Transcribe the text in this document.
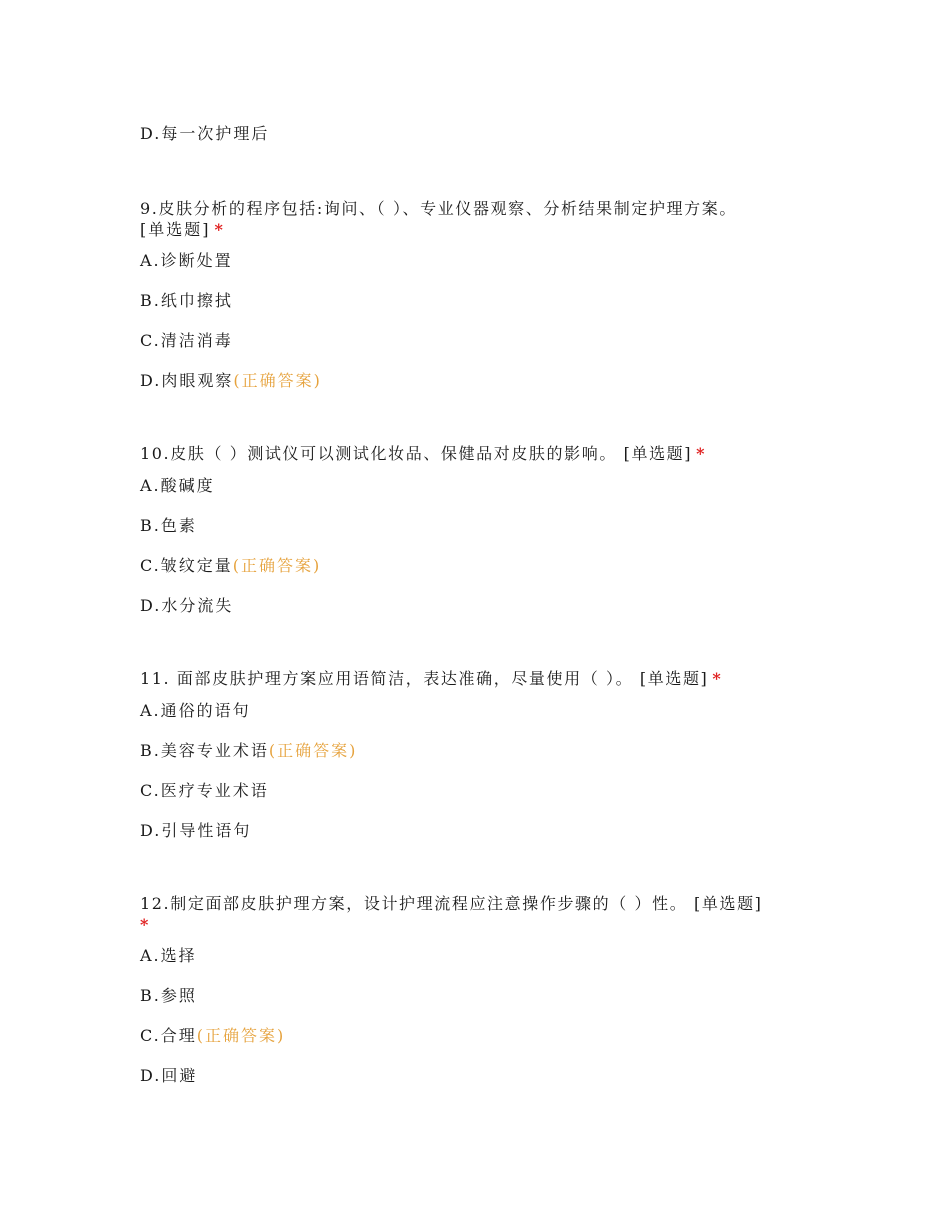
D.每一次护理后
9.皮肤分析的程序包括:询问、（ ）、专业仪器观察、分析结果制定护理方案。
[单选题] *
A.诊断处置
B.纸巾擦拭
C.清洁消毒
D.肉眼观察(正确答案)
10.皮肤（ ）测试仪可以测试化妆品、保健品对皮肤的影响。 [单选题] *
A.酸碱度
B.色素
C.皱纹定量(正确答案)
D.水分流失
11. 面部皮肤护理方案应用语简洁，表达准确，尽量使用（ ）。 [单选题] *
A.通俗的语句
B.美容专业术语(正确答案)
C.医疗专业术语
D.引导性语句
12.制定面部皮肤护理方案，设计护理流程应注意操作步骤的（ ）性。 [单选题]
*
A.选择
B.参照
C.合理(正确答案)
D.回避
